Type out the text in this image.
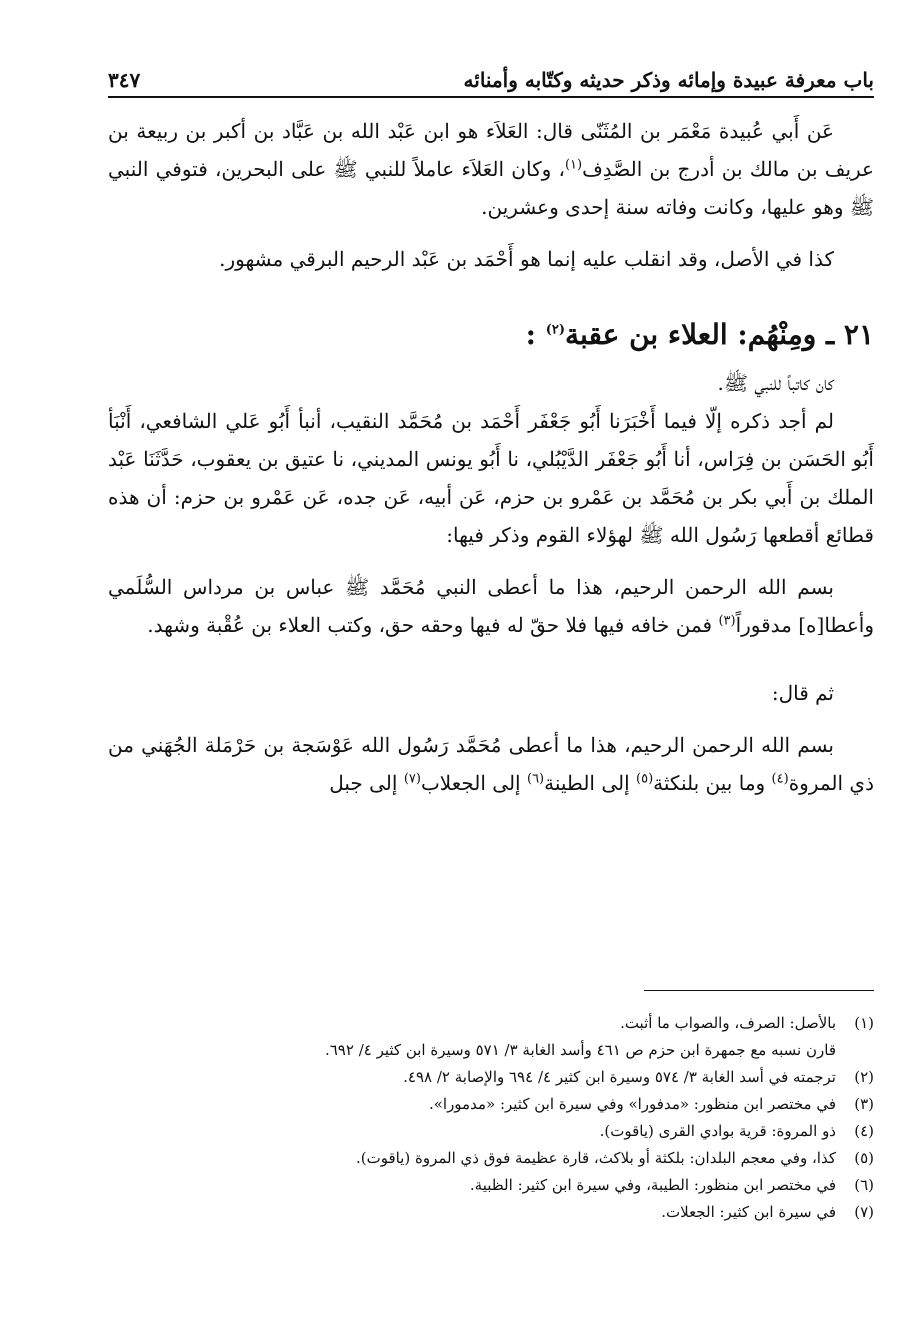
باب معرفة عبيدة وإمائه وذكر حديثه وكتّابه وأمنائه
٣٤٧

عَن أَبي عُبيدة مَعْمَر بن المُثَنّى قال: العَلاَء هو ابن عَبْد الله بن عَبَّاد بن أكبر بن ربيعة بن عريف بن مالك بن أدرج بن الصَّدِف$^{(١)}$، وكان العَلاَء عاملاً للنبي ﷺ على البحرين، فتوفي النبي ﷺ وهو عليها، وكانت وفاته سنة إحدى وعشرين.

كذا في الأصل، وقد انقلب عليه إنما هو أَحْمَد بن عَبْد الرحيم البرقي مشهور.

٢١ ـ ومِنْهُم: العلاء بن عقبة$^{(٢)}$ :

كان كاتباً للنبي ﷺ.

لم أجد ذكره إلّا فيما أَخْبَرَنا أَبُو جَعْفَر أَحْمَد بن مُحَمَّد النقيب، أنبأ أَبُو عَلي الشافعي، أَنْبَأ أَبُو الحَسَن بن فِرَاس، أنا أَبُو جَعْفَر الدَّيْبُلي، نا أَبُو يونس المديني، نا عتيق بن يعقوب، حَدَّثَنَا عَبْد الملك بن أَبي بكر بن مُحَمَّد بن عَمْرو بن حزم، عَن أبيه، عَن جده، عَن عَمْرو بن حزم: أن هذه قطائع أقطعها رَسُول الله ﷺ لهؤلاء القوم وذكر فيها:

بسم الله الرحمن الرحيم، هذا ما أعطى النبي مُحَمَّد ﷺ عباس بن مرداس السُّلَمي وأعطا[ه] مدقوراً$^{(٣)}$ فمن خافه فيها فلا حقّ له فيها وحقه حق، وكتب العلاء بن عُقْبة وشهد.

ثم قال:

بسم الله الرحمن الرحيم، هذا ما أعطى مُحَمَّد رَسُول الله عَوْسَجة بن حَرْمَلة الجُهَني من ذي المروة$^{(٤)}$ وما بين بلنكثة$^{(٥)}$ إلى الطينة$^{(٦)}$ إلى الجعلاب$^{(٧)}$ إلى جبل

(١)
بالأصل: الصرف، والصواب ما أثبت.
قارن نسبه مع جمهرة ابن حزم ص ٤٦١ وأسد الغابة ٣/ ٥٧١ وسيرة ابن كثير ٤/ ٦٩٢.
(٢)
ترجمته في أسد الغابة ٣/ ٥٧٤ وسيرة ابن كثير ٤/ ٦٩٤ والإصابة ٢/ ٤٩٨.
(٣)
في مختصر ابن منظور: «مدفورا» وفي سيرة ابن كثير: «مدمورا».
(٤)
ذو المروة: قرية بوادي القرى (ياقوت).
(٥)
كذا، وفي معجم البلدان: بلكثة أو بلاكث، قارة عظيمة فوق ذي المروة (ياقوت).
(٦)
في مختصر ابن منظور: الطيبة، وفي سيرة ابن كثير: الظبية.
(٧)
في سيرة ابن كثير: الجعلات.
